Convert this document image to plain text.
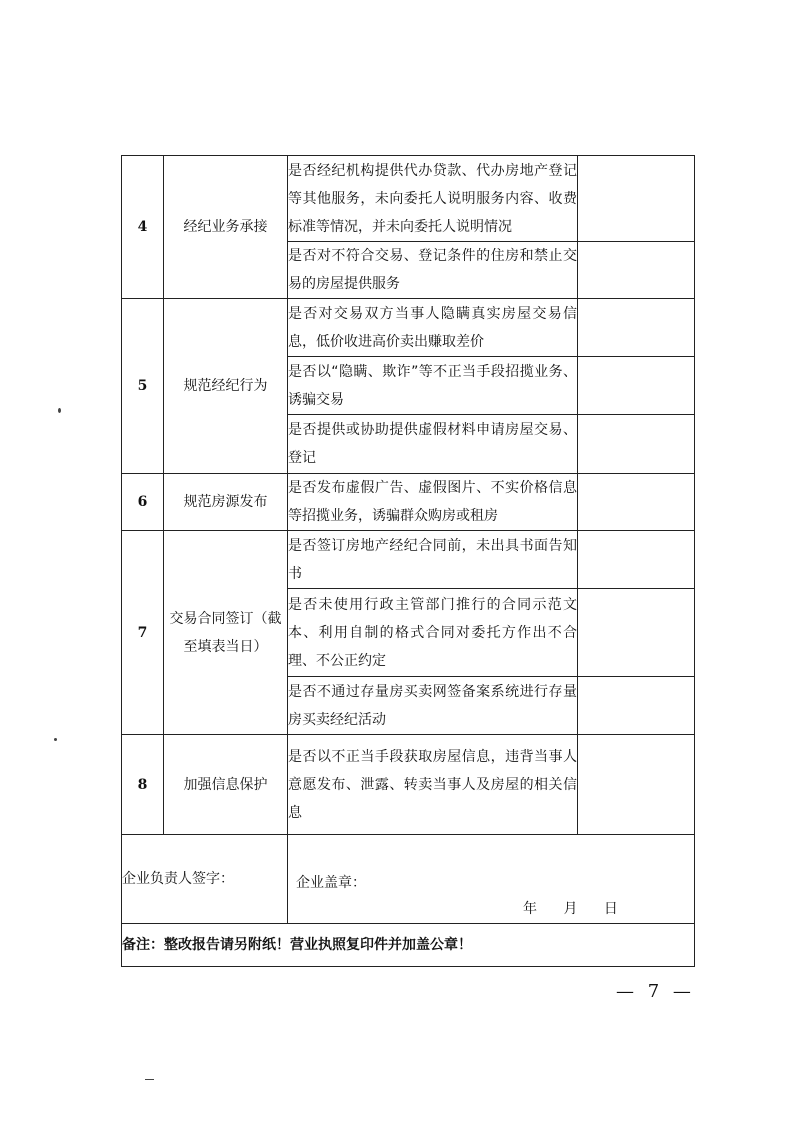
4	经纪业务承接	是否经纪机构提供代办贷款、代办房地产登记等其他服务，未向委托人说明服务内容、收费标准等情况，并未向委托人说明情况	
		是否对不符合交易、登记条件的住房和禁止交易的房屋提供服务	
5	规范经纪行为	是否对交易双方当事人隐瞒真实房屋交易信息，低价收进高价卖出赚取差价	
		是否以“隐瞒、欺诈”等不正当手段招揽业务、诱骗交易	
		是否提供或协助提供虚假材料申请房屋交易、登记	
6	规范房源发布	是否发布虚假广告、虚假图片、不实价格信息等招揽业务，诱骗群众购房或租房	
7	交易合同签订（截至填表当日）	是否签订房地产经纪合同前，未出具书面告知书	
		是否未使用行政主管部门推行的合同示范文本、利用自制的格式合同对委托方作出不合理、不公正约定	
		是否不通过存量房买卖网签备案系统进行存量房买卖经纪活动	
8	加强信息保护	是否以不正当手段获取房屋信息，违背当事人意愿发布、泄露、转卖当事人及房屋的相关信息	
企业负责人签字：		企业盖章：
年 月 日	

备注：整改报告请另附纸！营业执照复印件并加盖公章！			
— 7 —
